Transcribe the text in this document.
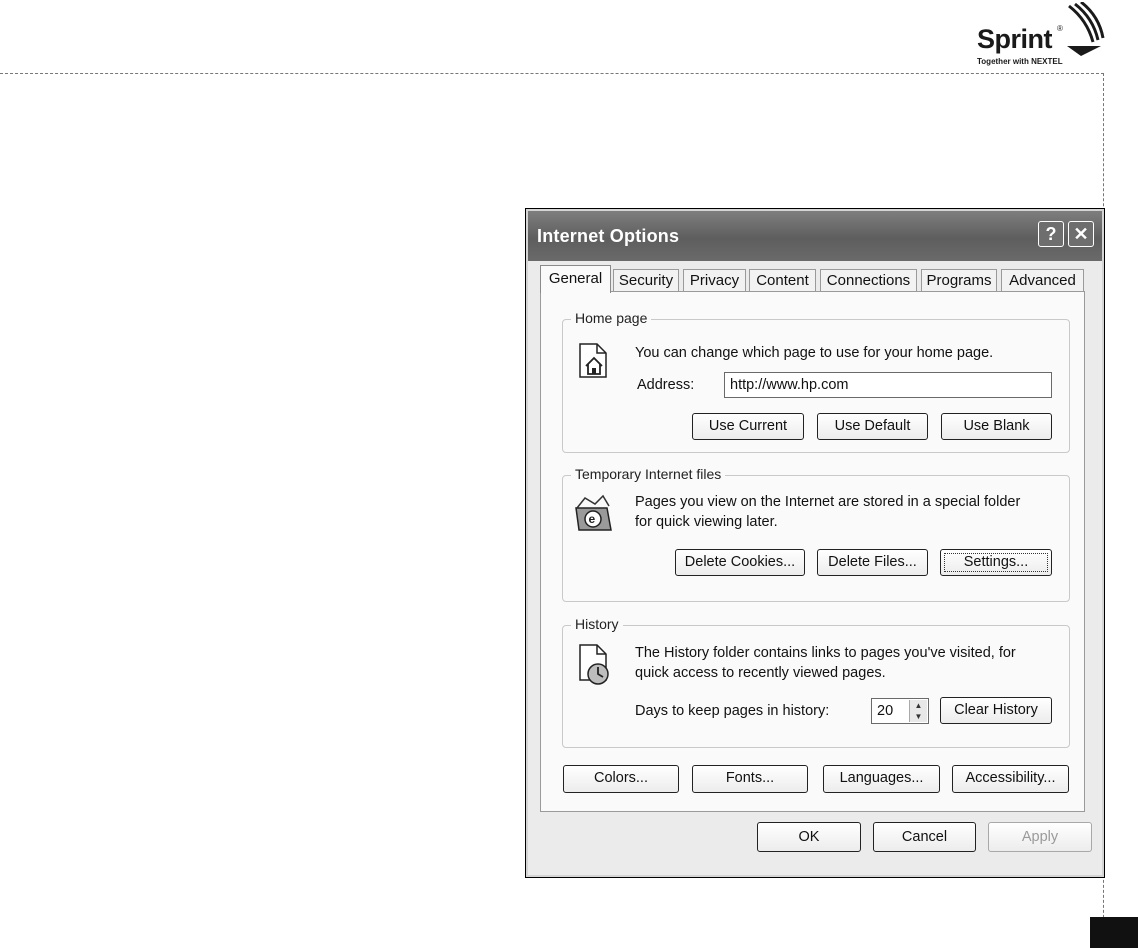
Sprint ®
Together with NEXTEL
Internet Options	? ✕
General	Security	Privacy	Content	Connections	Programs	Advanced
Home page
You can change which page to use for your home page.
Address:	http://www.hp.com
Use Current	Use Default	Use Blank
Temporary Internet files
e
Pages you view on the Internet are stored in a special folder
for quick viewing later.
Delete Cookies...	Delete Files...	Settings...
History
The History folder contains links to pages you've visited, for
quick access to recently viewed pages.
Days to keep pages in history:	20	▲
▼	Clear History
Colors...	Fonts...	Languages...	Accessibility...
OK	Cancel	Apply
